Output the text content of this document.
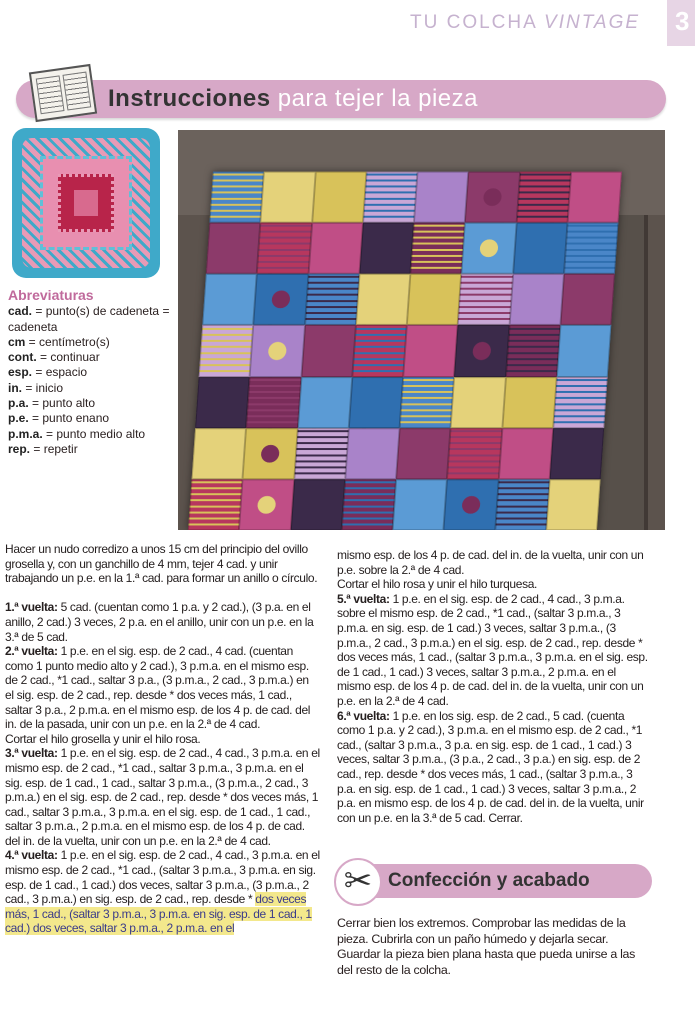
TU COLCHA VINTAGE	3
Instrucciones para tejer la pieza
Abreviaturas
cad. = punto(s) de cadeneta = cadeneta
cm = centímetro(s)
cont. = continuar
esp. = espacio
in. = inicio
p.a. = punto alto
p.e. = punto enano
p.m.a. = punto medio alto
rep. = repetir

Hacer un nudo corredizo a unos 15 cm del principio del ovillo grosella y, con un ganchillo de 4 mm, tejer 4 cad. y unir trabajando un p.e. en la 1.ª cad. para formar un anillo o círculo.

1.ª vuelta: 5 cad. (cuentan como 1 p.a. y 2 cad.), (3 p.a. en el anillo, 2 cad.) 3 veces, 2 p.a. en el anillo, unir con un p.e. en la 3.ª de 5 cad.

2.ª vuelta: 1 p.e. en el sig. esp. de 2 cad., 4 cad. (cuentan como 1 punto medio alto y 2 cad.), 3 p.m.a. en el mismo esp. de 2 cad., *1 cad., saltar 3 p.a., (3 p.m.a., 2 cad., 3 p.m.a.) en el sig. esp. de 2 cad., rep. desde * dos veces más, 1 cad., saltar 3 p.a., 2 p.m.a. en el mismo esp. de los 4 p. de cad. del in. de la pasada, unir con un p.e. en la 2.ª de 4 cad.

Cortar el hilo grosella y unir el hilo rosa.

3.ª vuelta: 1 p.e. en el sig. esp. de 2 cad., 4 cad., 3 p.m.a. en el mismo esp. de 2 cad., *1 cad., saltar 3 p.m.a., 3 p.m.a. en el sig. esp. de 1 cad., 1 cad., saltar 3 p.m.a., (3 p.m.a., 2 cad., 3 p.m.a.) en el sig. esp. de 2 cad., rep. desde * dos veces más, 1 cad., saltar 3 p.m.a., 3 p.m.a. en el sig. esp. de 1 cad., 1 cad., saltar 3 p.m.a., 2 p.m.a. en el mismo esp. de los 4 p. de cad. del in. de la vuelta, unir con un p.e. en la 2.ª de 4 cad.

4.ª vuelta: 1 p.e. en el sig. esp. de 2 cad., 4 cad., 3 p.m.a. en el mismo esp. de 2 cad., *1 cad., (saltar 3 p.m.a., 3 p.m.a. en sig. esp. de 1 cad., 1 cad.) dos veces, saltar 3 p.m.a., (3 p.m.a., 2 cad., 3 p.m.a.) en sig. esp. de 2 cad., rep. desde * dos veces más, 1 cad., (saltar 3 p.m.a., 3 p.m.a. en sig. esp. de 1 cad., 1 cad.) dos veces, saltar 3 p.m.a., 2 p.m.a. en el

mismo esp. de los 4 p. de cad. del in. de la vuelta, unir con un p.e. sobre la 2.ª de 4 cad.

Cortar el hilo rosa y unir el hilo turquesa.

5.ª vuelta: 1 p.e. en el sig. esp. de 2 cad., 4 cad., 3 p.m.a. sobre el mismo esp. de 2 cad., *1 cad., (saltar 3 p.m.a., 3 p.m.a. en sig. esp. de 1 cad.) 3 veces, saltar 3 p.m.a., (3 p.m.a., 2 cad., 3 p.m.a.) en el sig. esp. de 2 cad., rep. desde * dos veces más, 1 cad., (saltar 3 p.m.a., 3 p.m.a. en el sig. esp. de 1 cad., 1 cad.) 3 veces, saltar 3 p.m.a., 2 p.m.a. en el mismo esp. de los 4 p. de cad. del in. de la vuelta, unir con un p.e. en la 2.ª de 4 cad.

6.ª vuelta: 1 p.e. en los sig. esp. de 2 cad., 5 cad. (cuenta como 1 p.a. y 2 cad.), 3 p.m.a. en el mismo esp. de 2 cad., *1 cad., (saltar 3 p.m.a., 3 p.a. en sig. esp. de 1 cad., 1 cad.) 3 veces, saltar 3 p.m.a., (3 p.a., 2 cad., 3 p.a.) en sig. esp. de 2 cad., rep. desde * dos veces más, 1 cad., (saltar 3 p.m.a., 3 p.a. en sig. esp. de 1 cad., 1 cad.) 3 veces, saltar 3 p.m.a., 2 p.a. en mismo esp. de los 4 p. de cad. del in. de la vuelta, unir con un p.e. en la 3.ª de 5 cad. Cerrar.

✂ Confección y acabado
Cerrar bien los extremos. Comprobar las medidas de la pieza. Cubrirla con un paño húmedo y dejarla secar. Guardar la pieza bien plana hasta que pueda unirse a las del resto de la colcha.
